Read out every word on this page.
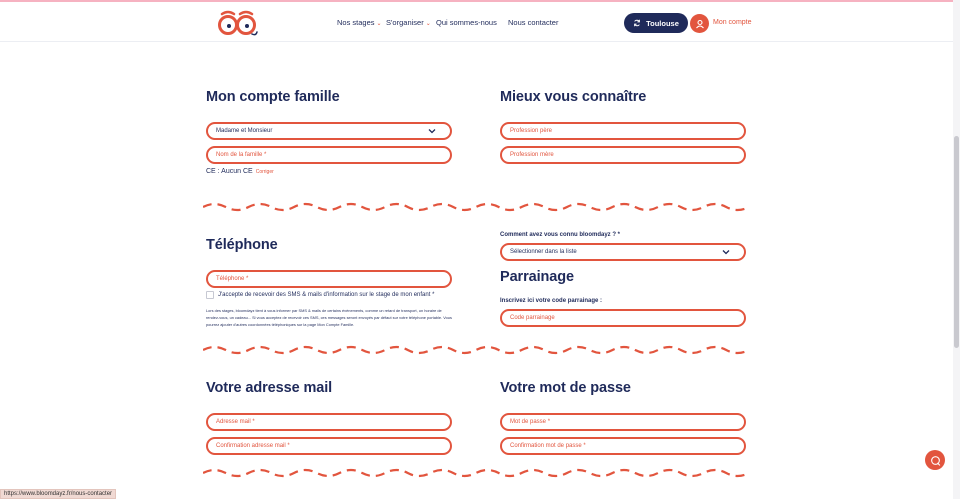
Nos stages ⌄ S'organiser ⌄ Qui sommes-nous Nous contacter	Toulouse	Mon compte
Mon compte famille
Madame et Monsieur
Nom de la famille *
CE : Aucun CE Corriger
Mieux vous connaître
Profession père
Profession mère
Téléphone
Téléphone *
J'accepte de recevoir des SMS & mails d'information sur le stage de mon enfant *
Lors des stages, bloomdayz tient à vous informer par SMS & mails de certains évènements, comme un retard de transport, un horaire de rendez-vous, un cadeau... Si vous acceptez de recevoir ces SMS, ces messages seront envoyés par défaut sur votre téléphone portable. Vous pourrez ajouter d'autres coordonnées téléphoniques sur la page Mon Compte Famille.
Comment avez vous connu bloomdayz ? *
Sélectionner dans la liste
Parrainage
Inscrivez ici votre code parrainage :
Code parrainage
Votre adresse mail
Adresse mail *
Confirmation adresse mail *
Votre mot de passe
Mot de passe *
Confirmation mot de passe *
https://www.bloomdayz.fr/nous-contacter
